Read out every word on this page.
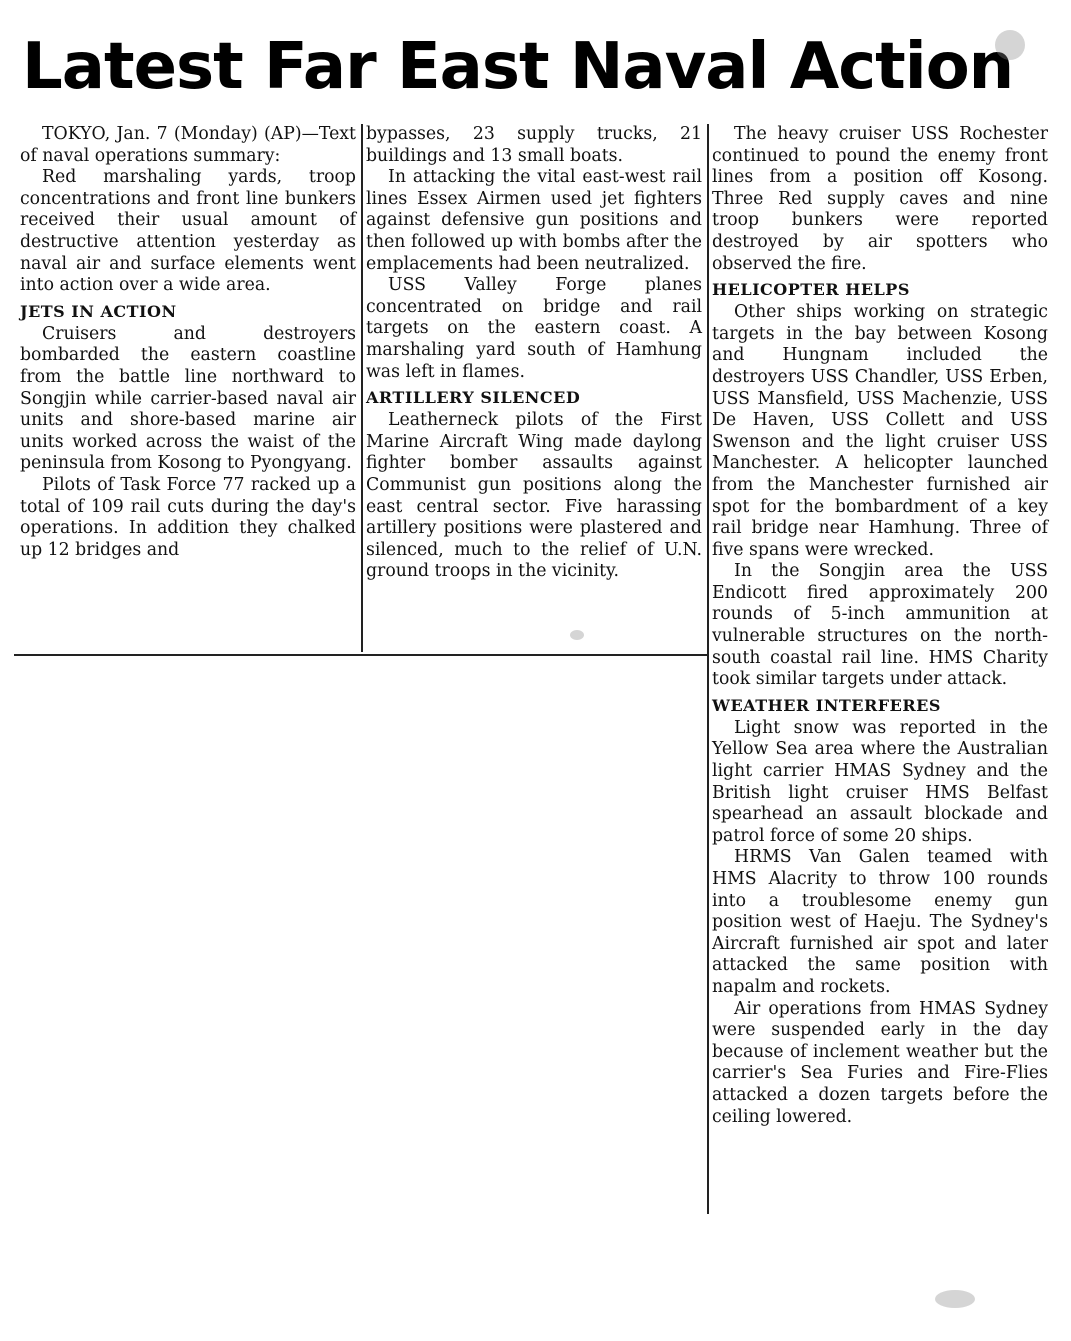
Latest Far East Naval Action

TOKYO, Jan. 7 (Monday) (AP)—Text of naval operations summary:

Red marshaling yards, troop concentrations and front line bunkers received their usual amount of destructive attention yesterday as naval air and surface elements went into action over a wide area.

JETS IN ACTION

Cruisers and destroyers bombarded the eastern coastline from the battle line northward to Songjin while carrier-based naval air units and shore-based marine air units worked across the waist of the peninsula from Kosong to Pyongyang.

Pilots of Task Force 77 racked up a total of 109 rail cuts during the day's operations. In addition they chalked up 12 bridges and

bypasses, 23 supply trucks, 21 buildings and 13 small boats.

In attacking the vital east-west rail lines Essex Airmen used jet fighters against defensive gun positions and then followed up with bombs after the emplacements had been neutralized.

USS Valley Forge planes concentrated on bridge and rail targets on the eastern coast. A marshaling yard south of Hamhung was left in flames.

ARTILLERY SILENCED

Leatherneck pilots of the First Marine Aircraft Wing made daylong fighter bomber assaults against Communist gun positions along the east central sector. Five harassing artillery positions were plastered and silenced, much to the relief of U.N. ground troops in the vicinity.

The heavy cruiser USS Rochester continued to pound the enemy front lines from a position off Kosong. Three Red supply caves and nine troop bunkers were reported destroyed by air spotters who observed the fire.

HELICOPTER HELPS

Other ships working on strategic targets in the bay between Kosong and Hungnam included the destroyers USS Chandler, USS Erben, USS Mansfield, USS Machenzie, USS De Haven, USS Collett and USS Swenson and the light cruiser USS Manchester. A helicopter launched from the Manchester furnished air spot for the bombardment of a key rail bridge near Hamhung. Three of five spans were wrecked.

In the Songjin area the USS Endicott fired approximately 200 rounds of 5-inch ammunition at vulnerable structures on the north-south coastal rail line. HMS Charity took similar targets under attack.

WEATHER INTERFERES

Light snow was reported in the Yellow Sea area where the Australian light carrier HMAS Sydney and the British light cruiser HMS Belfast spearhead an assault blockade and patrol force of some 20 ships.

HRMS Van Galen teamed with HMS Alacrity to throw 100 rounds into a troublesome enemy gun position west of Haeju. The Sydney's Aircraft furnished air spot and later attacked the same position with napalm and rockets.

Air operations from HMAS Sydney were suspended early in the day because of inclement weather but the carrier's Sea Furies and Fire-Flies attacked a dozen targets before the ceiling lowered.
